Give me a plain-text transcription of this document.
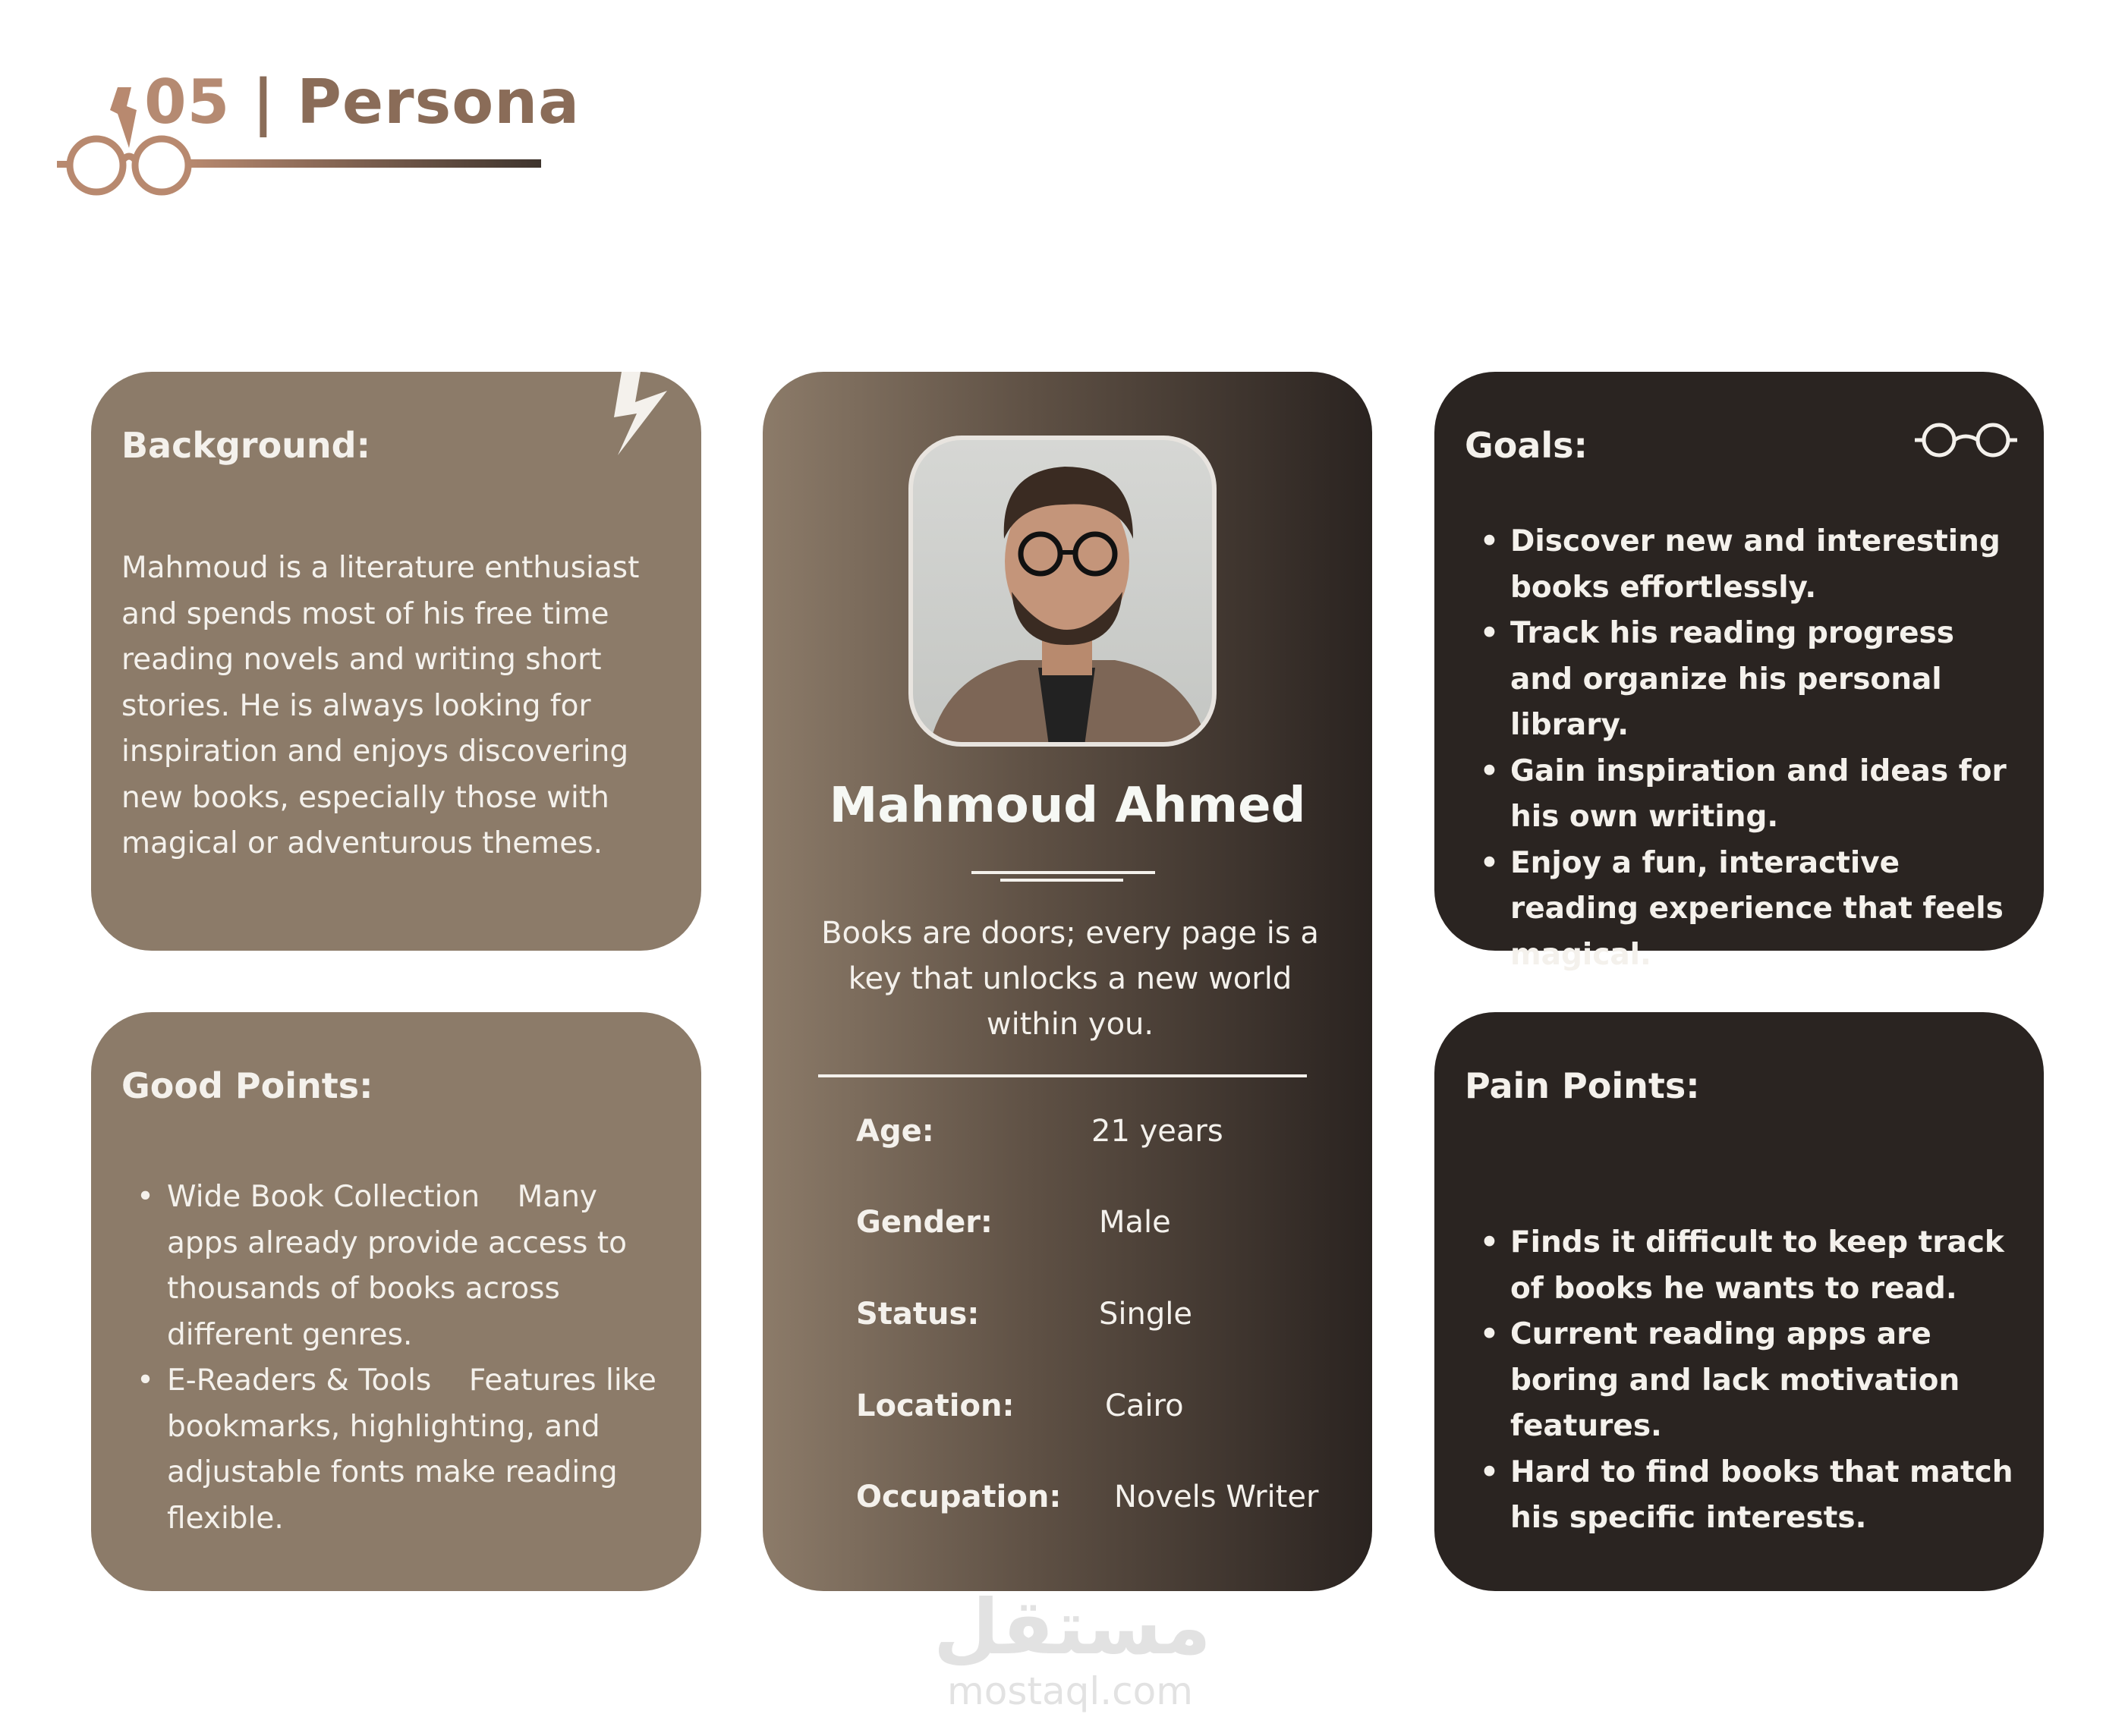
05 | Persona
Background:

Mahmoud is a literature enthusiast and spends most of his free time reading novels and writing short stories. He is always looking for inspiration and enjoys discovering new books, especially those with magical or adventurous themes.

Good Points:
• Wide Book Collection    Many apps already provide access to thousands of books across different genres.
• E-Readers & Tools    Features like bookmarks, highlighting, and adjustable fonts make reading flexible.
Mahmoud Ahmed
Books are doors; every page is a key that unlocks a new world within you.
Age:	21 years
Gender:	Male
Status:	Single
Location:	Cairo
Occupation: Novels Writer
Goals:
• Discover new and interesting books effortlessly.
• Track his reading progress and organize his personal library.
• Gain inspiration and ideas for his own writing.
• Enjoy a fun, interactive reading experience that feels magical.
Pain Points:
• Finds it difficult to keep track of books he wants to read.
• Current reading apps are boring and lack motivation features.
• Hard to find books that match his specific interests.
مستقل
mostaql.com
